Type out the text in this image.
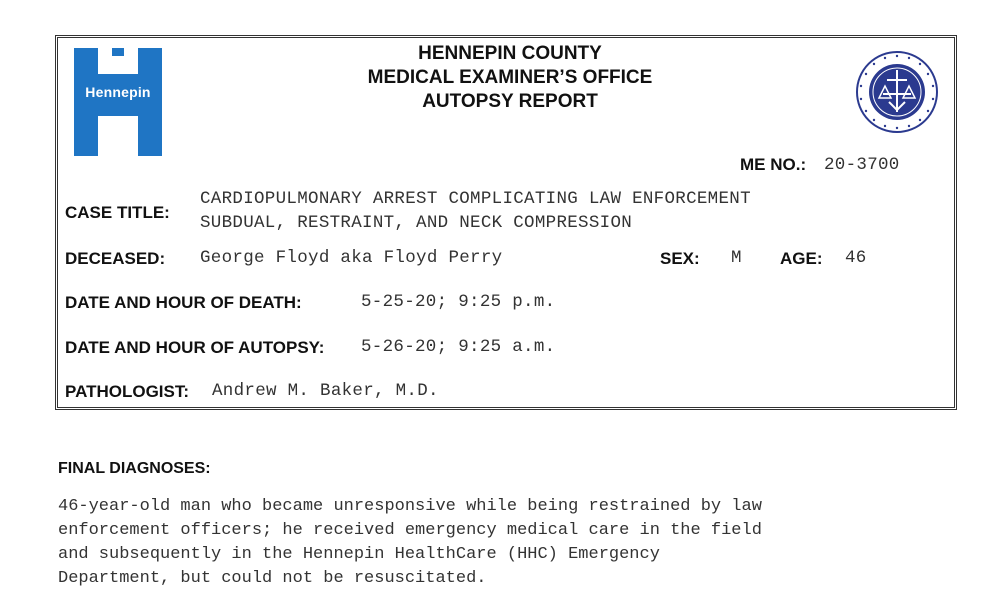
Hennepin
HENNEPIN COUNTY
MEDICAL EXAMINER’S OFFICE
AUTOPSY REPORT
ME NO.: 20-3700
CASE TITLE:
CARDIOPULMONARY ARREST COMPLICATING LAW ENFORCEMENT
SUBDUAL, RESTRAINT, AND NECK COMPRESSION
DECEASED: George Floyd aka Floyd Perry	SEX: M AGE: 46
DATE AND HOUR OF DEATH:	5-25-20; 9:25 p.m.
DATE AND HOUR OF AUTOPSY: 5-26-20; 9:25 a.m.
PATHOLOGIST: Andrew M. Baker, M.D.
FINAL DIAGNOSES:
46-year-old man who became unresponsive while being restrained by law
enforcement officers; he received emergency medical care in the field
and subsequently in the Hennepin HealthCare (HHC) Emergency
Department, but could not be resuscitated.
